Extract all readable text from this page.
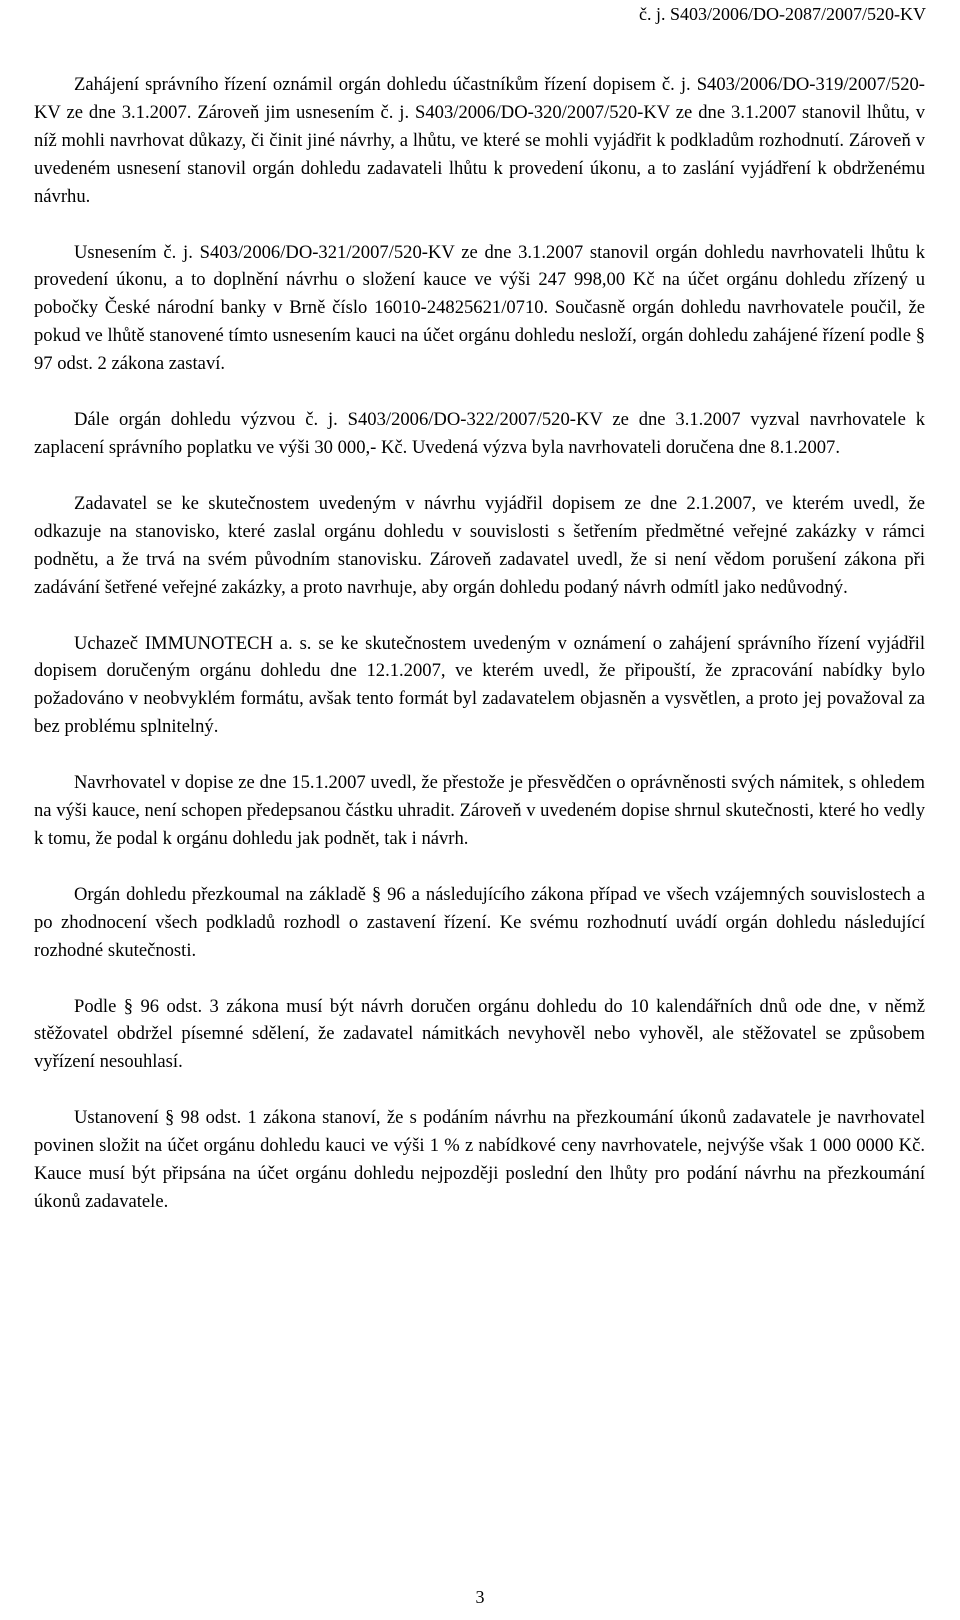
č. j. S403/2006/DO-2087/2007/520-KV

Zahájení správního řízení oznámil orgán dohledu účastníkům řízení dopisem č. j. S403/2006/DO-319/2007/520-KV ze dne 3.1.2007. Zároveň jim usnesením č. j. S403/2006/DO-320/2007/520-KV ze dne 3.1.2007 stanovil lhůtu, v níž mohli navrhovat důkazy, či činit jiné návrhy, a lhůtu, ve které se mohli vyjádřit k podkladům rozhodnutí. Zároveň v uvedeném usnesení stanovil orgán dohledu zadavateli lhůtu k provedení úkonu, a to zaslání vyjádření k obdrženému návrhu.

Usnesením č. j. S403/2006/DO-321/2007/520-KV ze dne 3.1.2007 stanovil orgán dohledu navrhovateli lhůtu k provedení úkonu, a to doplnění návrhu o složení kauce ve výši 247 998,00 Kč na účet orgánu dohledu zřízený u pobočky České národní banky v Brně číslo 16010-24825621/0710. Současně orgán dohledu navrhovatele poučil, že pokud ve lhůtě stanovené tímto usnesením kauci na účet orgánu dohledu nesloží, orgán dohledu zahájené řízení podle § 97 odst. 2 zákona zastaví.

Dále orgán dohledu výzvou č. j. S403/2006/DO-322/2007/520-KV ze dne 3.1.2007 vyzval navrhovatele k zaplacení správního poplatku ve výši 30 000,- Kč. Uvedená výzva byla navrhovateli doručena dne 8.1.2007.

Zadavatel se ke skutečnostem uvedeným v návrhu vyjádřil dopisem ze dne 2.1.2007, ve kterém uvedl, že odkazuje na stanovisko, které zaslal orgánu dohledu v souvislosti s šetřením předmětné veřejné zakázky v rámci podnětu, a že trvá na svém původním stanovisku. Zároveň zadavatel uvedl, že si není vědom porušení zákona při zadávání šetřené veřejné zakázky, a proto navrhuje, aby orgán dohledu podaný návrh odmítl jako nedůvodný.

Uchazeč IMMUNOTECH a. s. se ke skutečnostem uvedeným v oznámení o zahájení správního řízení vyjádřil dopisem doručeným orgánu dohledu dne 12.1.2007, ve kterém uvedl, že připouští, že zpracování nabídky bylo požadováno v neobvyklém formátu, avšak tento formát byl zadavatelem objasněn a vysvětlen, a proto jej považoval za bez problému splnitelný.

Navrhovatel v dopise ze dne 15.1.2007 uvedl, že přestože je přesvědčen o oprávněnosti svých námitek, s ohledem na výši kauce, není schopen předepsanou částku uhradit. Zároveň v uvedeném dopise shrnul skutečnosti, které ho vedly k tomu, že podal k orgánu dohledu jak podnět, tak i návrh.

Orgán dohledu přezkoumal na základě § 96 a následujícího zákona případ ve všech vzájemných souvislostech a po zhodnocení všech podkladů rozhodl o zastavení řízení. Ke svému rozhodnutí uvádí orgán dohledu následující rozhodné skutečnosti.

Podle § 96 odst. 3 zákona musí být návrh doručen orgánu dohledu do 10 kalendářních dnů ode dne, v němž stěžovatel obdržel písemné sdělení, že zadavatel námitkách nevyhověl nebo vyhověl, ale stěžovatel se způsobem vyřízení nesouhlasí.

Ustanovení § 98 odst. 1 zákona stanoví, že s podáním návrhu na přezkoumání úkonů zadavatele je navrhovatel povinen složit na účet orgánu dohledu kauci ve výši 1 % z nabídkové ceny navrhovatele, nejvýše však 1 000 0000 Kč. Kauce musí být připsána na účet orgánu dohledu nejpozději poslední den lhůty pro podání návrhu na přezkoumání úkonů zadavatele.

3
